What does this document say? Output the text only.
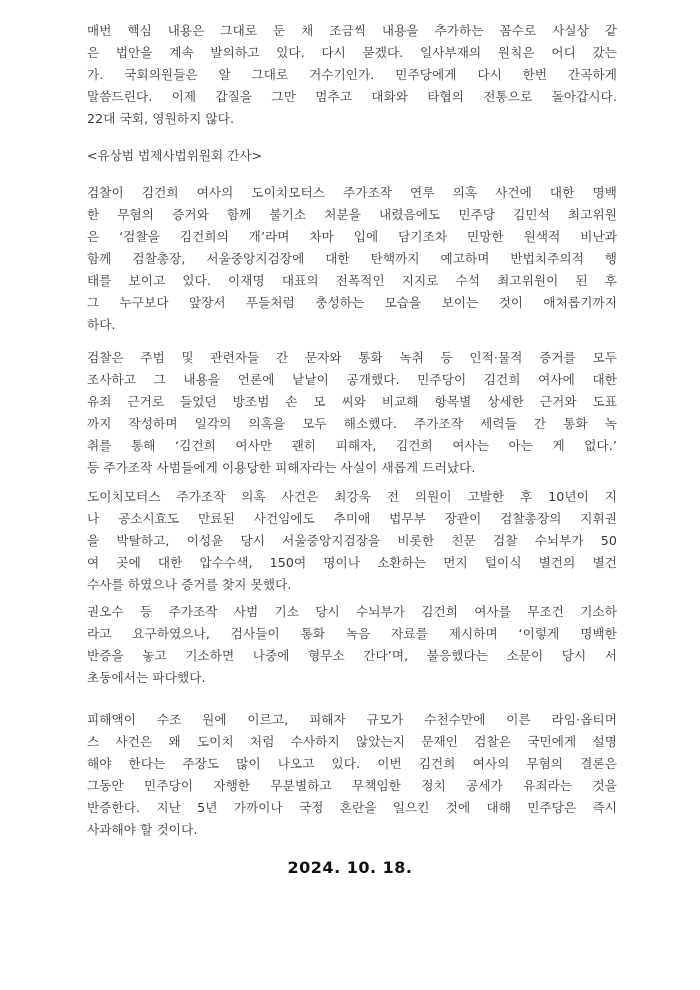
매번 핵심 내용은 그대로 둔 채 조금씩 내용을 추가하는 꼼수로 사실상 같
은 법안을 계속 발의하고 있다. 다시 묻겠다. 일사부재의 원칙은 어디 갔는
가. 국회의원들은 알 그대로 거수기인가. 민주당에게 다시 한번 간곡하게
말씀드린다. 이제 갑질을 그만 멈추고 대화와 타협의 전통으로 돌아갑시다.
22대 국회, 영원하지 않다.
<유상범 법제사법위원회 간사>
검찰이 김건희 여사의 도이치모터스 주가조작 연루 의혹 사건에 대한 명백
한 무혐의 증거와 함께 불기소 처분을 내렸음에도 민주당 김민석 최고위원
은 ‘검찰을 김건희의 개’라며 차마 입에 담기조차 민망한 원색적 비난과
함께 검찰총장, 서울중앙지검장에 대한 탄핵까지 예고하며 반법치주의적 행
태를 보이고 있다. 이재명 대표의 전폭적인 지지로 수석 최고위원이 된 후
그 누구보다 앞장서 푸들처럼 충성하는 모습을 보이는 것이 애처롭기까지
하다.
검찰은 주범 및 관련자들 간 문자와 통화 녹취 등 인적·물적 증거를 모두
조사하고 그 내용을 언론에 낱낱이 공개했다. 민주당이 김건희 여사에 대한
유죄 근거로 들었던 방조범 손 모 씨와 비교해 항목별 상세한 근거와 도표
까지 작성하며 일각의 의혹을 모두 해소했다. 주가조작 세력들 간 통화 녹
취를 통해 ‘김건희 여사만 괜히 피해자, 김건희 여사는 아는 게 없다.’
등 주가조작 사범들에게 이용당한 피해자라는 사실이 새롭게 드러났다.
도이치모터스 주가조작 의혹 사건은 최강욱 전 의원이 고발한 후 10년이 지
나 공소시효도 만료된 사건임에도 추미애 법무부 장관이 검찰총장의 지휘권
을 박탈하고, 이성윤 당시 서울중앙지검장을 비롯한 친문 검찰 수뇌부가 50
여 곳에 대한 압수수색, 150여 명이나 소환하는 먼지 털이식 별건의 별건
수사를 하였으나 증거를 찾지 못했다.
권오수 등 주가조작 사범 기소 당시 수뇌부가 김건희 여사를 무조건 기소하
라고 요구하였으나, 검사들이 통화 녹음 자료를 제시하며 ‘이렇게 명백한
반증을 놓고 기소하면 나중에 형무소 간다’며, 불응했다는 소문이 당시 서
초동에서는 파다했다.
피해액이 수조 원에 이르고, 피해자 규모가 수천수만에 이른 라임·옵티머
스 사건은 왜 도이치 처럼 수사하지 않았는지 문재인 검찰은 국민에게 설명
해야 한다는 주장도 많이 나오고 있다. 이번 김건희 여사의 무혐의 결론은
그동안 민주당이 자행한 무분별하고 무책임한 정치 공세가 유죄라는 것을
반증한다. 지난 5년 가까이나 국정 혼란을 일으킨 것에 대해 민주당은 즉시
사과해야 할 것이다.
2024. 10. 18.
